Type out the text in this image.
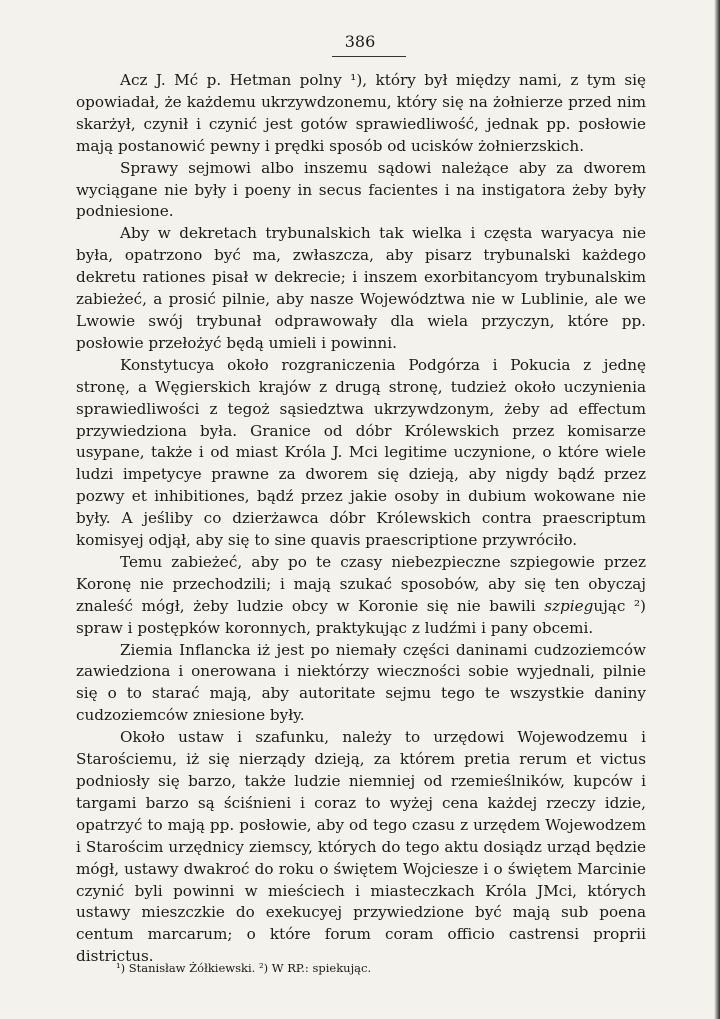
386

Acz J. Mć p. Hetman polny ¹), który był między nami, z tym się opowiadał, że każdemu ukrzywdzonemu, który się na żołnierze przed nim skarżył, czynił i czynić jest gotów sprawiedliwość, jednak pp. posłowie mają postanowić pewny i prędki sposób od ucisków żołnierzskich.

Sprawy sejmowi albo inszemu sądowi należące aby za dworem wyciągane nie były i poeny in secus facientes i na instigatora żeby były podniesione.

Aby w dekretach trybunalskich tak wielka i częsta waryacya nie była, opatrzono być ma, zwłaszcza, aby pisarz trybunalski każdego dekretu rationes pisał w dekrecie; i inszem exorbitancyom trybunalskim zabieżeć, a prosić pilnie, aby nasze Województwa nie w Lublinie, ale we Lwowie swój trybunał odprawowały dla wiela przyczyn, które pp. posłowie przełożyć będą umieli i powinni.

Konstytucya około rozgraniczenia Podgórza i Pokucia z jednę stronę, a Węgierskich krajów z drugą stronę, tudzież około uczynienia sprawiedliwości z tegoż sąsiedztwa ukrzywdzonym, żeby ad effectum przywiedziona była. Granice od dóbr Królewskich przez komisarze usypane, także i od miast Króla J. Mci legitime uczynione, o które wiele ludzi impetycye prawne za dworem się dzieją, aby nigdy bądź przez pozwy et inhibitiones, bądź przez jakie osoby in dubium wokowane nie były. A jeśliby co dzierżawca dóbr Królewskich contra praescriptum komisyej odjął, aby się to sine quavis praescriptione przywróciło.

Temu zabieżeć, aby po te czasy niebezpieczne szpiegowie przez Koronę nie przechodzili; i mają szukać sposobów, aby się ten obyczaj znaleść mógł, żeby ludzie obcy w Koronie się nie bawili szpiegując ²) spraw i postępków koronnych, praktykując z ludźmi i pany obcemi.

Ziemia Inflancka iż jest po niemały części daninami cudzoziemców zawiedziona i onerowana i niektórzy wieczności sobie wyjednali, pilnie się o to starać mają, aby autoritate sejmu tego te wszystkie daniny cudzoziemców zniesione były.

Około ustaw i szafunku, należy to urzędowi Wojewodzemu i Starościemu, iż się nierządy dzieją, za którem pretia rerum et victus podniosły się barzo, także ludzie niemniej od rzemieślników, kupców i targami barzo są ściśnieni i coraz to wyżej cena każdej rzeczy idzie, opatrzyć to mają pp. posłowie, aby od tego czasu z urzędem Wojewodzem i Starościm urzędnicy ziemscy, których do tego aktu dosiądz urząd będzie mógł, ustawy dwakroć do roku o świętem Wojciesze i o świętem Marcinie czynić byli powinni w mieściech i miasteczkach Króla JMci, których ustawy mieszczkie do exekucyej przywiedzione być mają sub poena centum marcarum; o które forum coram officio castrensi proprii districtus.

¹) Stanisław Żółkiewski. ²) W RP.: spiekując.
